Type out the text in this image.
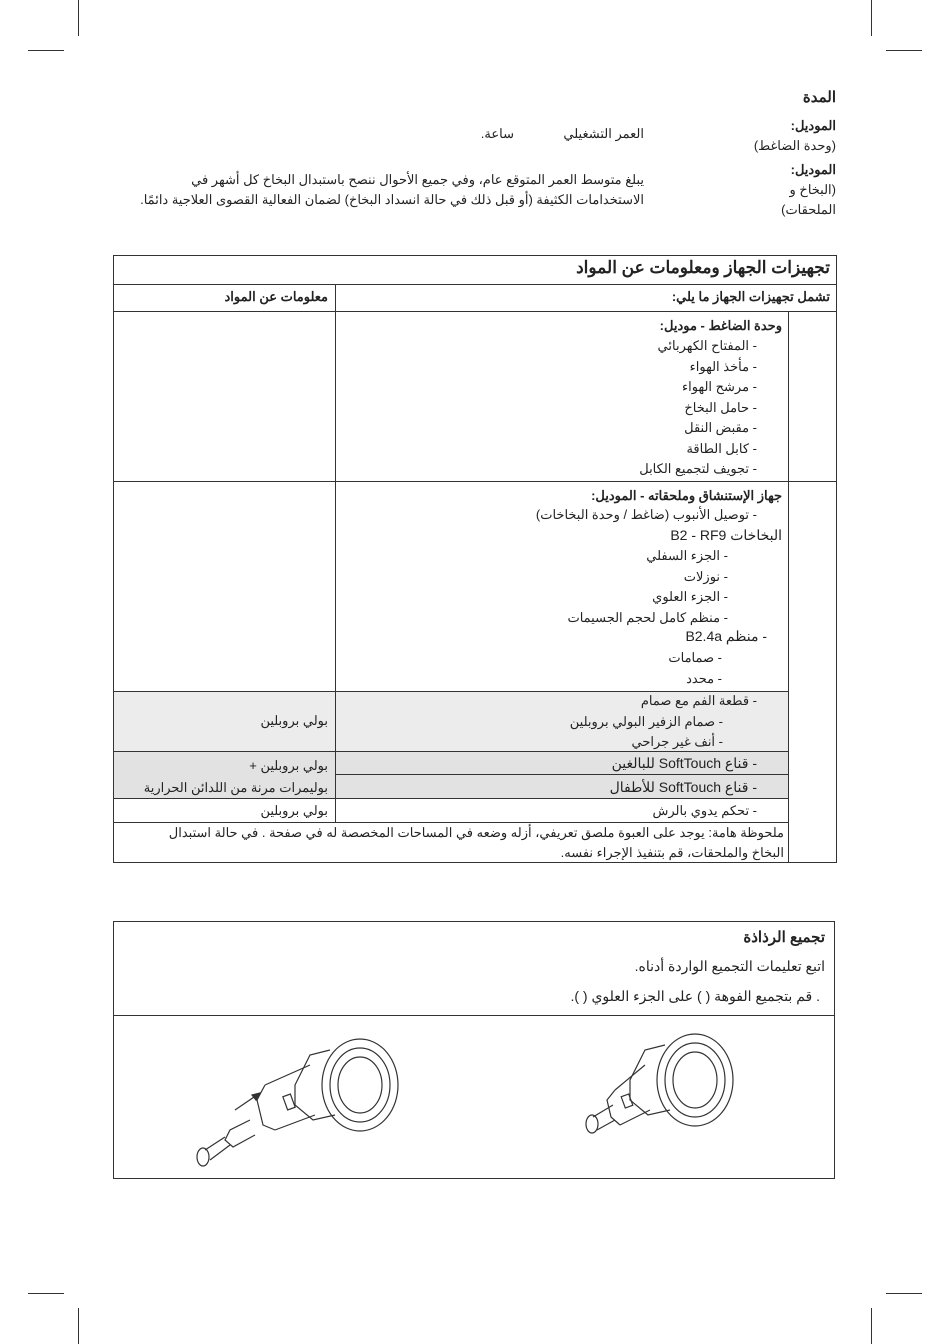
المدة
الموديل:
(وحدة الضاغط)
الموديل:
(البخاخ و
الملحقات)
العمر التشغيلي
ساعة.
يبلغ متوسط العمر المتوقع عام، وفي جميع الأحوال ننصح باستبدال البخاخ كل أشهر في
الاستخدامات الكثيفة (أو قبل ذلك في حالة انسداد البخاخ) لضمان الفعالية القصوى العلاجية دائمًا.
تجهيزات الجهاز ومعلومات عن المواد
تشمل تجهيزات الجهاز ما يلي:
معلومات عن المواد
وحدة الضاغط - موديل:
- المفتاح الكهربائي
- مأخذ الهواء
- مرشح الهواء
- حامل البخاخ
- مقبض النقل
- كابل الطاقة
- تجويف لتجميع الكابل
جهاز الإستنشاق وملحقاته - الموديل:
- توصيل الأنبوب (ضاغط / وحدة البخاخات)
البخاخات B2 - RF9
- الجزء السفلي
- نوزلات
- الجزء العلوي
- منظم كامل لحجم الجسيمات
- منظم B2.4a
- صمامات
- محدد
- قطعة الفم مع صمام
- صمام الزفير البولي بروبلين
- أنف غير جراحي
بولي بروبلين
- قناع SoftTouch للبالغين
- قناع SoftTouch للأطفال
بولي بروبلين +
بوليمرات مرنة من اللدائن الحرارية
- تحكم يدوي بالرش
بولي بروبلين
ملحوظة هامة: يوجد على العبوة ملصق تعريفي، أزله وضعه في المساحات المخصصة له في صفحة . في حالة استبدال
البخاخ والملحقات، قم بتنفيذ الإجراء نفسه.
تجميع الرذاذة
اتبع تعليمات التجميع الواردة أدناه.
. قم بتجميع الفوهة ( ) على الجزء العلوي ( ).
